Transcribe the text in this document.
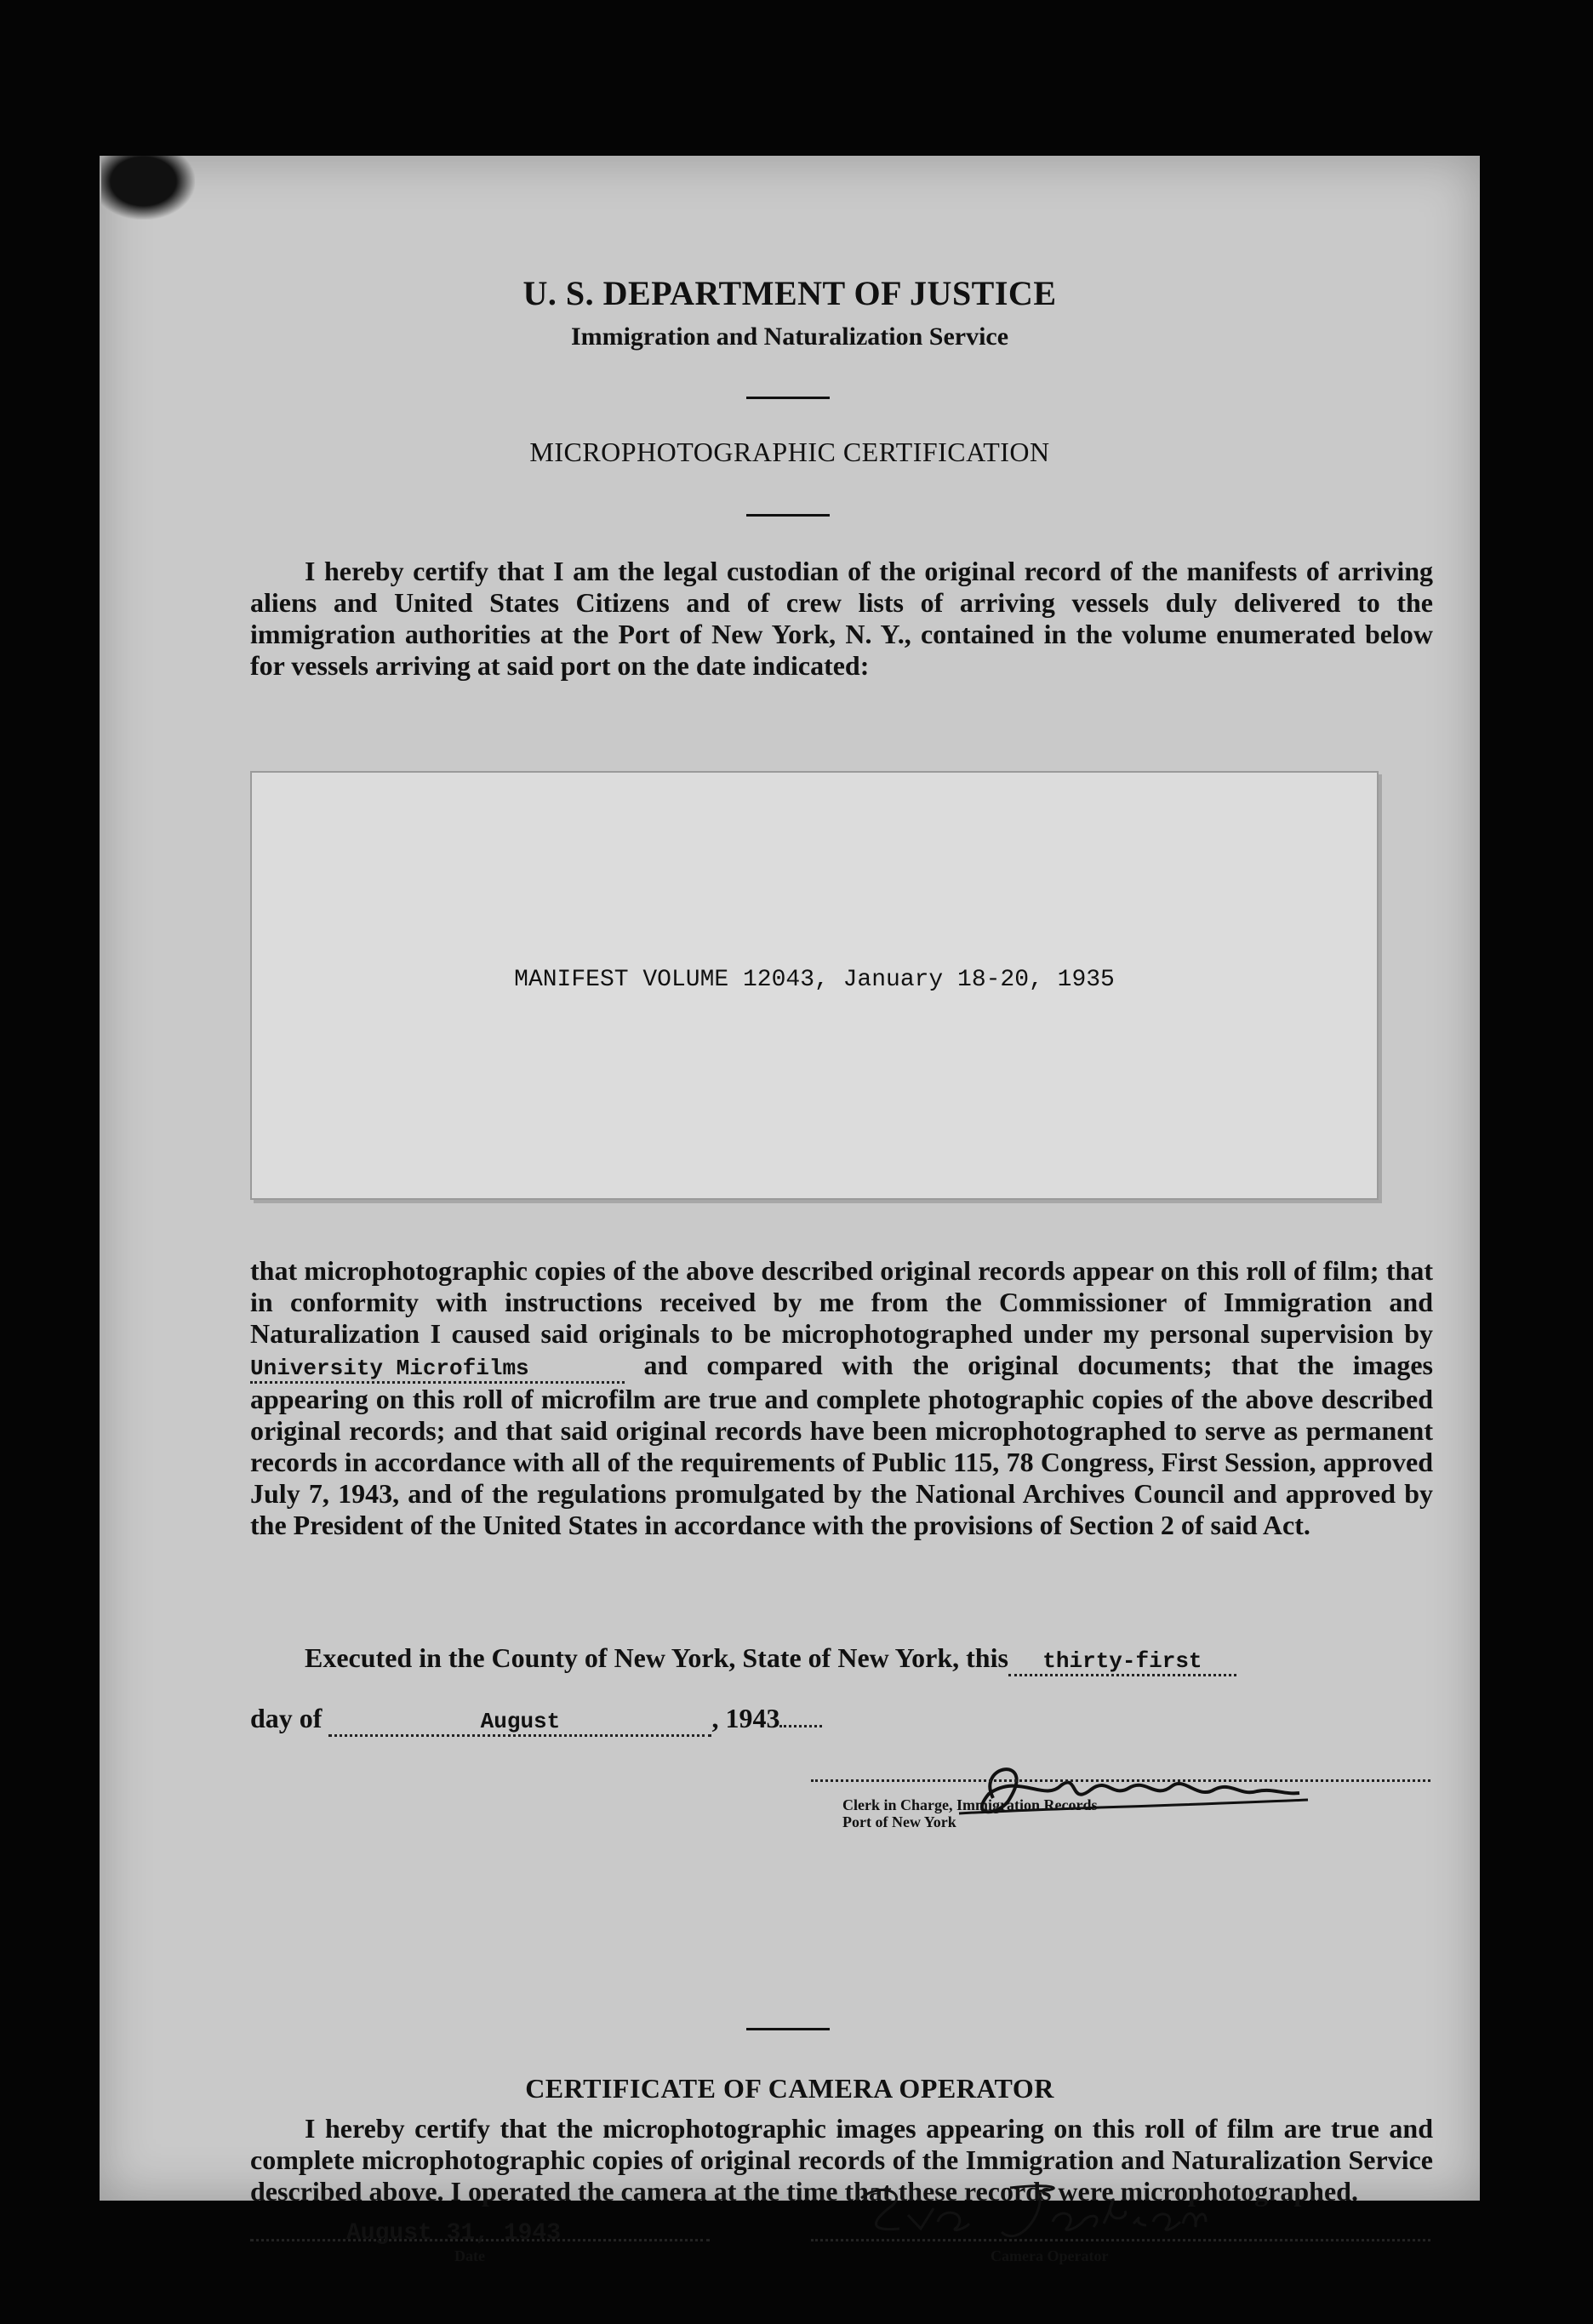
U. S. DEPARTMENT OF JUSTICE
Immigration and Naturalization Service
MICROPHOTOGRAPHIC CERTIFICATION
I hereby certify that I am the legal custodian of the original record of the manifests of arriving aliens and United States Citizens and of crew lists of arriving vessels duly delivered to the immigration authorities at the Port of New York, N. Y., contained in the volume enumerated below for vessels arriving at said port on the date indicated:
MANIFEST VOLUME 12043, January 18-20, 1935
that microphotographic copies of the above described original records appear on this roll of film; that in conformity with instructions received by me from the Commissioner of Immigration and Naturalization I caused said originals to be microphotographed under my personal supervision by University Microfilms	and compared with the original documents; that the images appearing on this roll of microfilm are true and complete photographic copies of the above described original records; and that said original records have been microphotographed to serve as permanent records in accordance with all of the requirements of Public 115, 78 Congress, First Session, approved July 7, 1943, and of the regulations promulgated by the National Archives Council and approved by the President of the United States in accordance with the provisions of Section 2 of said Act.
Executed in the County of New York, State of New York, this thirty-first
day of	August	, 1943
Clerk in Charge, Immigration Records
Port of New York
CERTIFICATE OF CAMERA OPERATOR
I hereby certify that the microphotographic images appearing on this roll of film are true and complete microphotographic copies of original records of the Immigration and Naturalization Service described above. I operated the camera at the time that these records were microphotographed.
August 31, 1943
Date	Camera Operator
